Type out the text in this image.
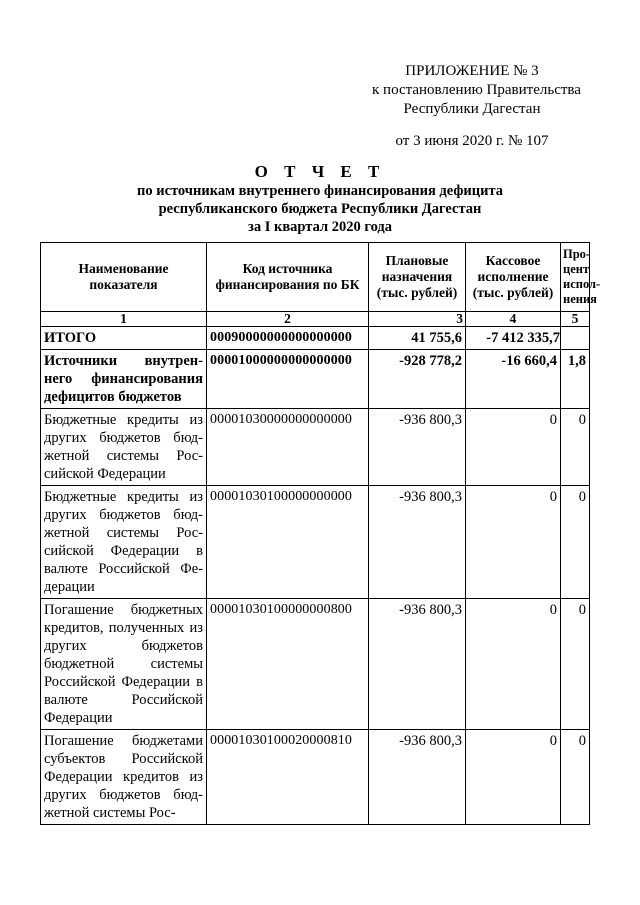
ПРИЛОЖЕНИЕ № 3
к постановлению Правительства
Республики Дагестан
от 3 июня 2020 г. № 107
О Т Ч Е Т
по источникам внутреннего финансирования дефицита
республиканского бюджета Республики Дагестан
за I квартал 2020 года
Наименование показателя	Код источника финансирования по БК	Плановые назначения (тыс. рублей)	Кассовое исполнение (тыс. рублей)	Про-цент испол-нения
1	2	3	4	5
ИТОГО	00090000000000000000	41 755,6	-7 412 335,7	
Источники внутрен-него финансирования дефицитов бюджетов	00001000000000000000	-928 778,2	-16 660,4	1,8
Бюджетные кредиты из других бюджетов бюд-жетной системы Рос-сийской Федерации	00001030000000000000	-936 800,3	0	0
Бюджетные кредиты из других бюджетов бюд-жетной системы Рос-сийской Федерации в валюте Российской Фе-дерации	00001030100000000000	-936 800,3	0	0
Погашение бюджетных кредитов, полученных из других бюджетов бюджетной системы Российской Федерации в валюте Российской Федерации	00001030100000000800	-936 800,3	0	0
Погашение бюджетами субъектов Российской Федерации кредитов из других бюджетов бюд-жетной системы Рос-	00001030100020000810	-936 800,3	0	0
